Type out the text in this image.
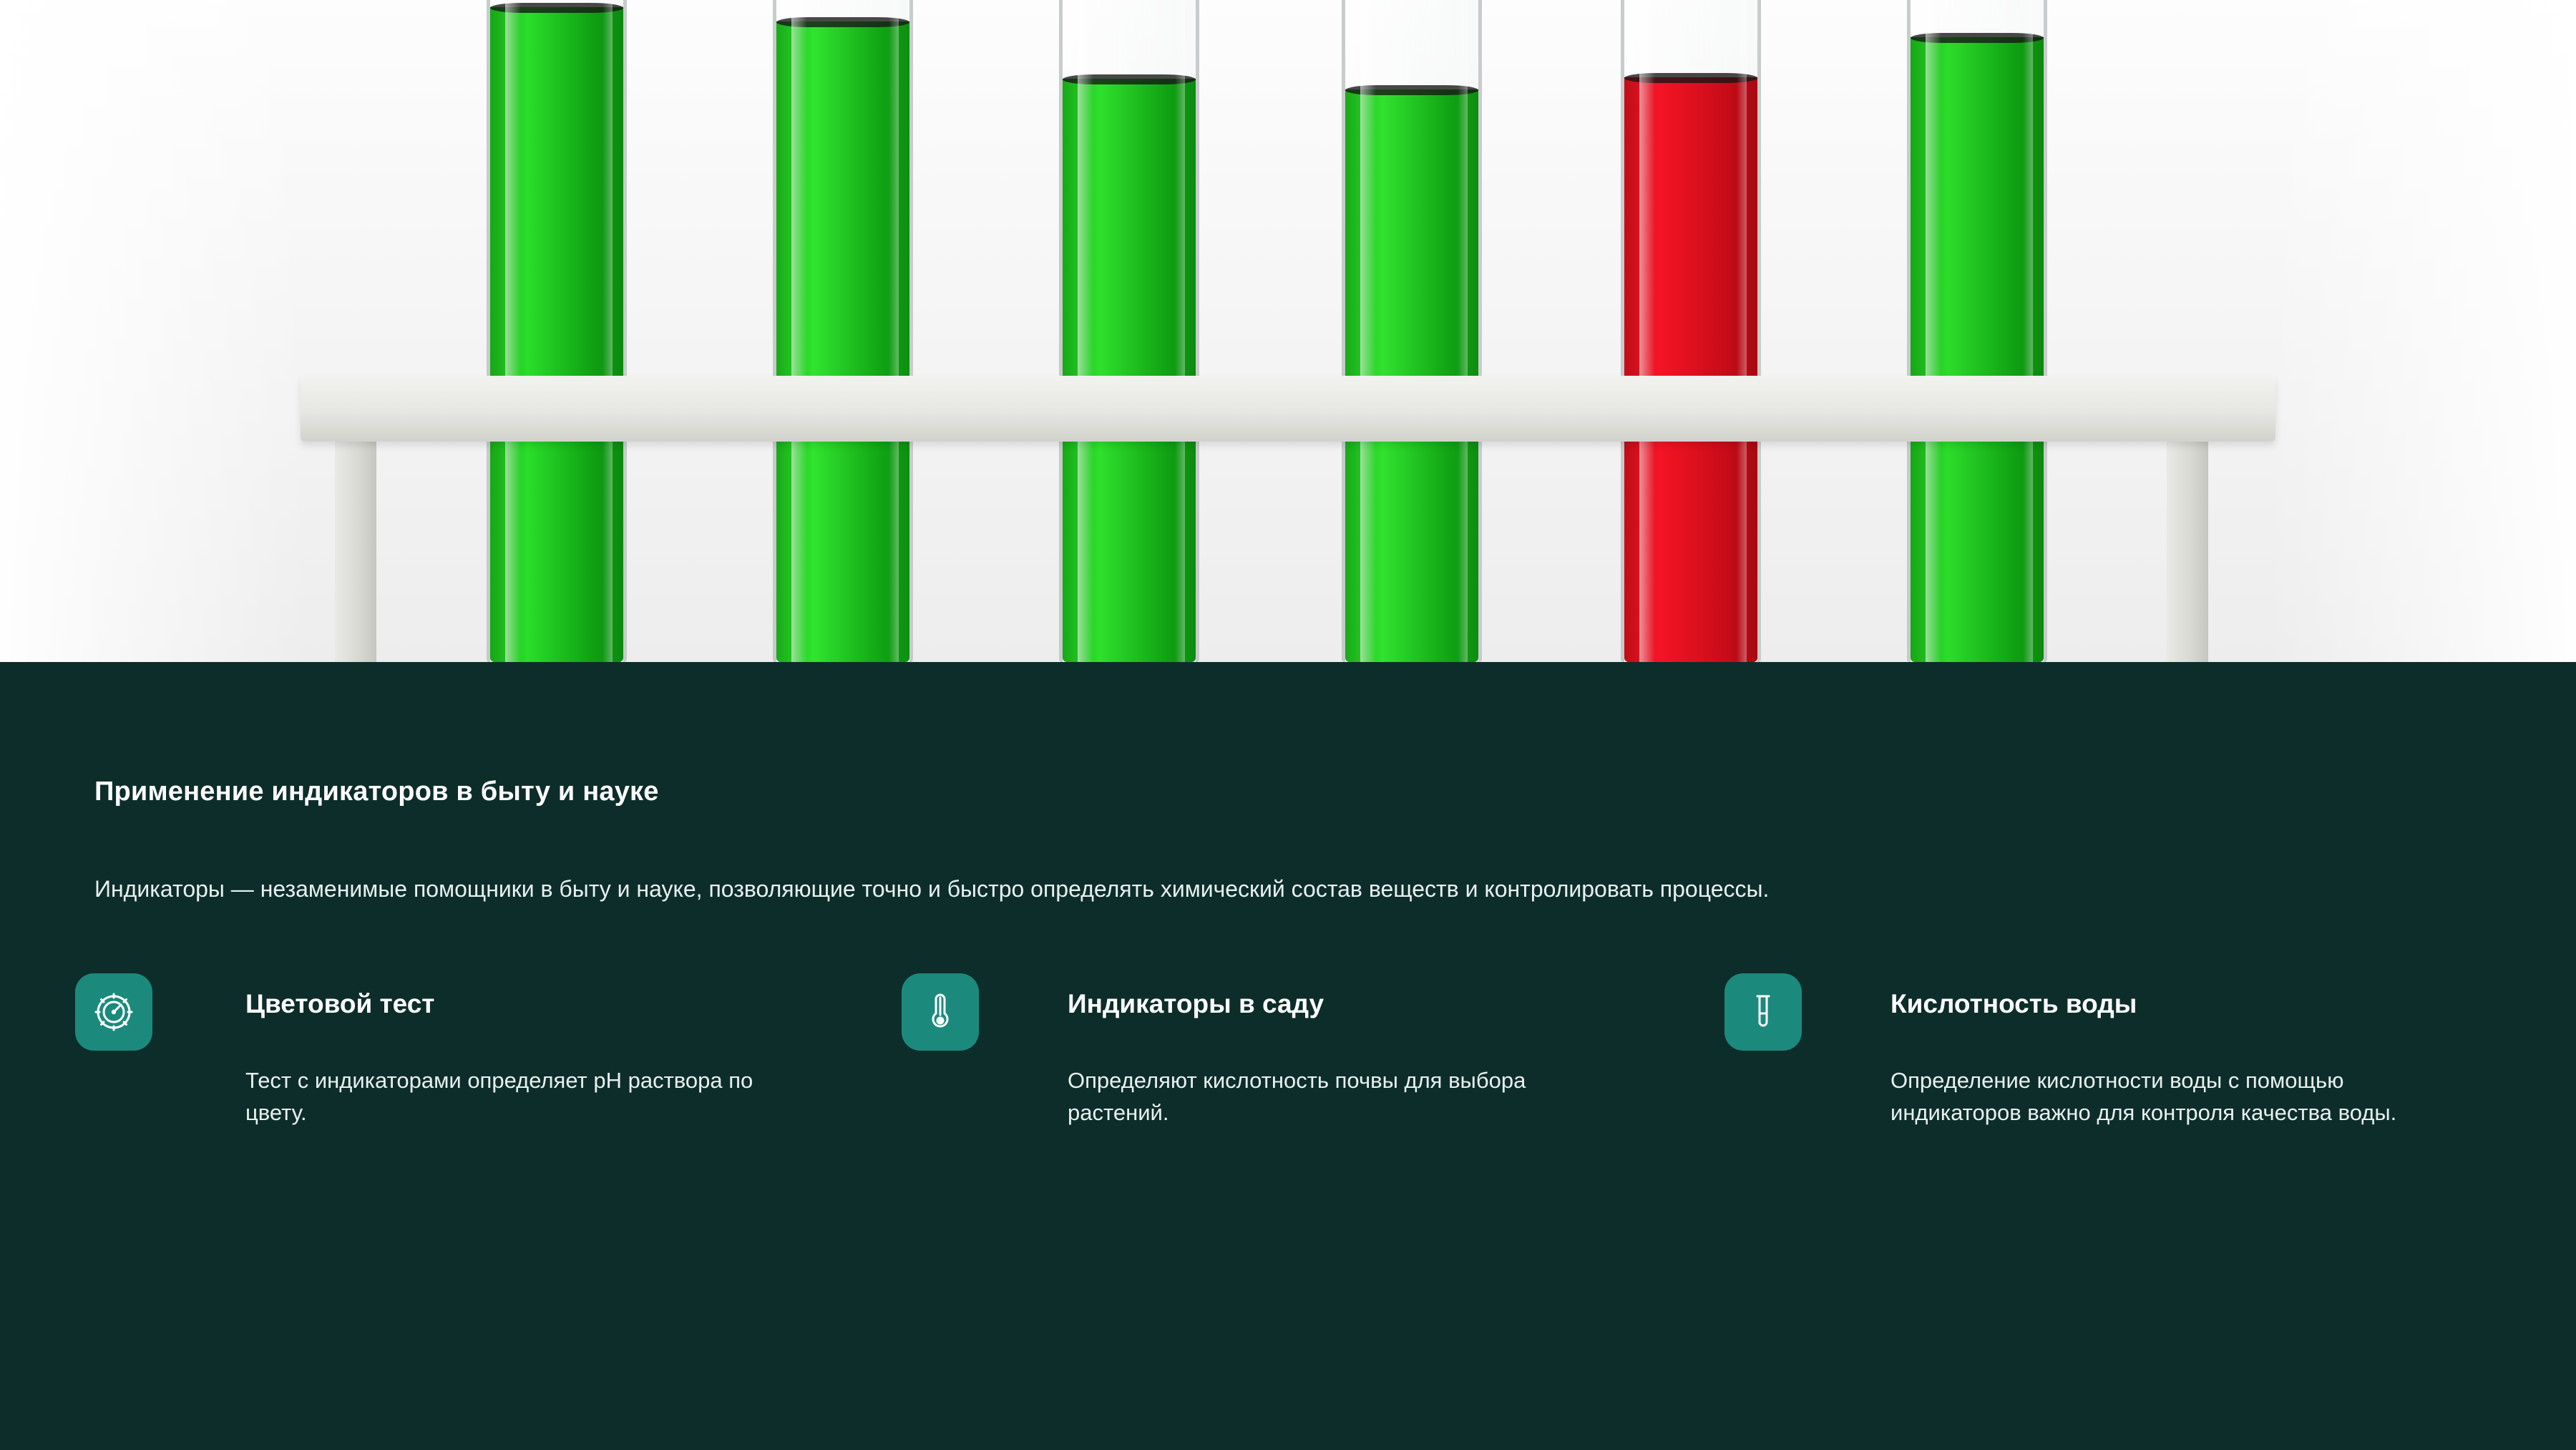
Применение индикаторов в быту и науке
Индикаторы — незаменимые помощники в быту и науке, позволяющие точно и быстро определять химический состав веществ и контролировать процессы.
Цветовой тест
Тест с индикаторами определяет pH раствора по цвету.
Индикаторы в саду
Определяют кислотность почвы для выбора растений.
Кислотность воды
Определение кислотности воды с помощью индикаторов важно для контроля качества воды.
